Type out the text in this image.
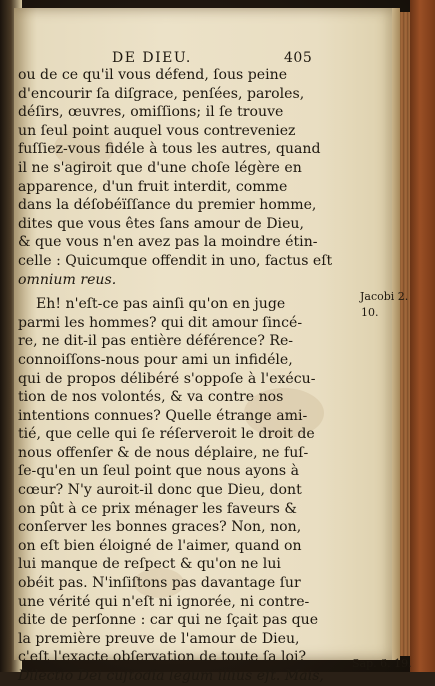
DE DIEU.	405
ou de ce qu'il vous défend, ſous peine
d'encourir ſa diſgrace, penſées, paroles,
déſirs, œuvres, omiſſions; il ſe trouve
un ſeul point auquel vous contreveniez
fuſſiez-vous fidéle à tous les autres, quand
il ne s'agiroit que d'une choſe légère en
apparence, d'un fruit interdit, comme
dans la déſobéïſſance du premier homme,
dites que vous êtes ſans amour de Dieu,
& que vous n'en avez pas la moindre étin-
celle : Quicumque offendit in uno, factus eſt
omnium reus.
Eh! n'eſt-ce pas ainſi qu'on en juge
parmi les hommes? qui dit amour ſincé-
re, ne dit-il pas entière déférence? Re-
connoiſſons-nous pour ami un infidéle,
qui de propos délibéré s'oppoſe à l'exécu-
tion de nos volontés, & va contre nos
intentions connues? Quelle étrange ami-
tié, que celle qui ſe réſerveroit le droit de
nous offenſer & de nous déplaire, ne fuſ-
ſe-qu'en un ſeul point que nous ayons à
cœur? N'y auroit-il donc que Dieu, dont
on pût à ce prix ménager les faveurs &
conſerver les bonnes graces? Non, non,
on eſt bien éloigné de l'aimer, quand on
lui manque de reſpect & qu'on ne lui
obéit pas. N'inſiſtons pas davantage ſur
une vérité qui n'eſt ni ignorée, ni contre-
dite de perſonne : car qui ne ſçait pas que
la première preuve de l'amour de Dieu,
c'eſt l'exacte obſervation de toute ſa loi?
Dilectio Dei cuſtodia legum illius eſt. Mais,
Jacobi 2.
10.
Sap. 6. 19.
